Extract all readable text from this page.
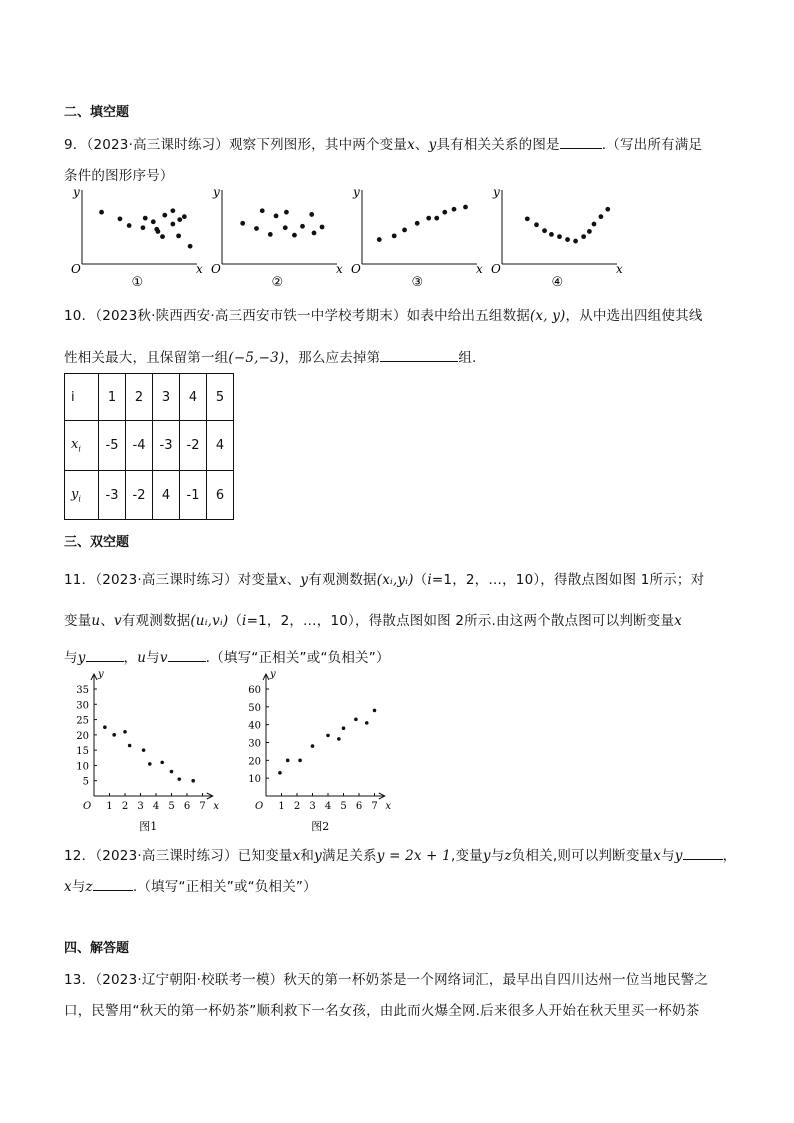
二、填空题
9．（2023·高三课时练习）观察下列图形，其中两个变量x、y具有相关关系的图是	.（写出所有满足
条件的图形序号）
y
x
O
①
y
x
O
②
y
x
O
③
y
x
O
④
10．（2023秋·陕西西安·高三西安市铁一中学校考期末）如表中给出五组数据(x, y)，从中选出四组使其线
性相关最大，且保留第一组(−5,−3)，那么应去掉第	组.
i	1	2	3	4	5
$x_i$	-5	-4	-3	-2	4
$y_i$	-3	-2	4	-1	6
三、双空题
11．（2023·高三课时练习）对变量x、y有观测数据(xᵢ,yᵢ)（i=1，2，…，10），得散点图如图 1所示；对
变量u、v有观测数据(uᵢ,vᵢ)（i=1，2，…，10），得散点图如图 2所示.由这两个散点图可以判断变量x
与y	，u与v	.（填写“正相关”或“负相关”）
y
x
O
5
10
15
20
25
30
35
1 2 3 4 5 6 7
图1
y
x
O
10
20
30
40
50
60
1 2 3 4 5 6 7
图2
12．（2023·高三课时练习）已知变量x和y满足关系y = 2x + 1,变量y与z负相关,则可以判断变量x与y	，
x与z	.（填写“正相关”或“负相关”）
四、解答题
13．（2023·辽宁朝阳·校联考一模）秋天的第一杯奶茶是一个网络词汇，最早出自四川达州一位当地民警之
口，民警用“秋天的第一杯奶茶”顺利救下一名女孩，由此而火爆全网.后来很多人开始在秋天里买一杯奶茶
